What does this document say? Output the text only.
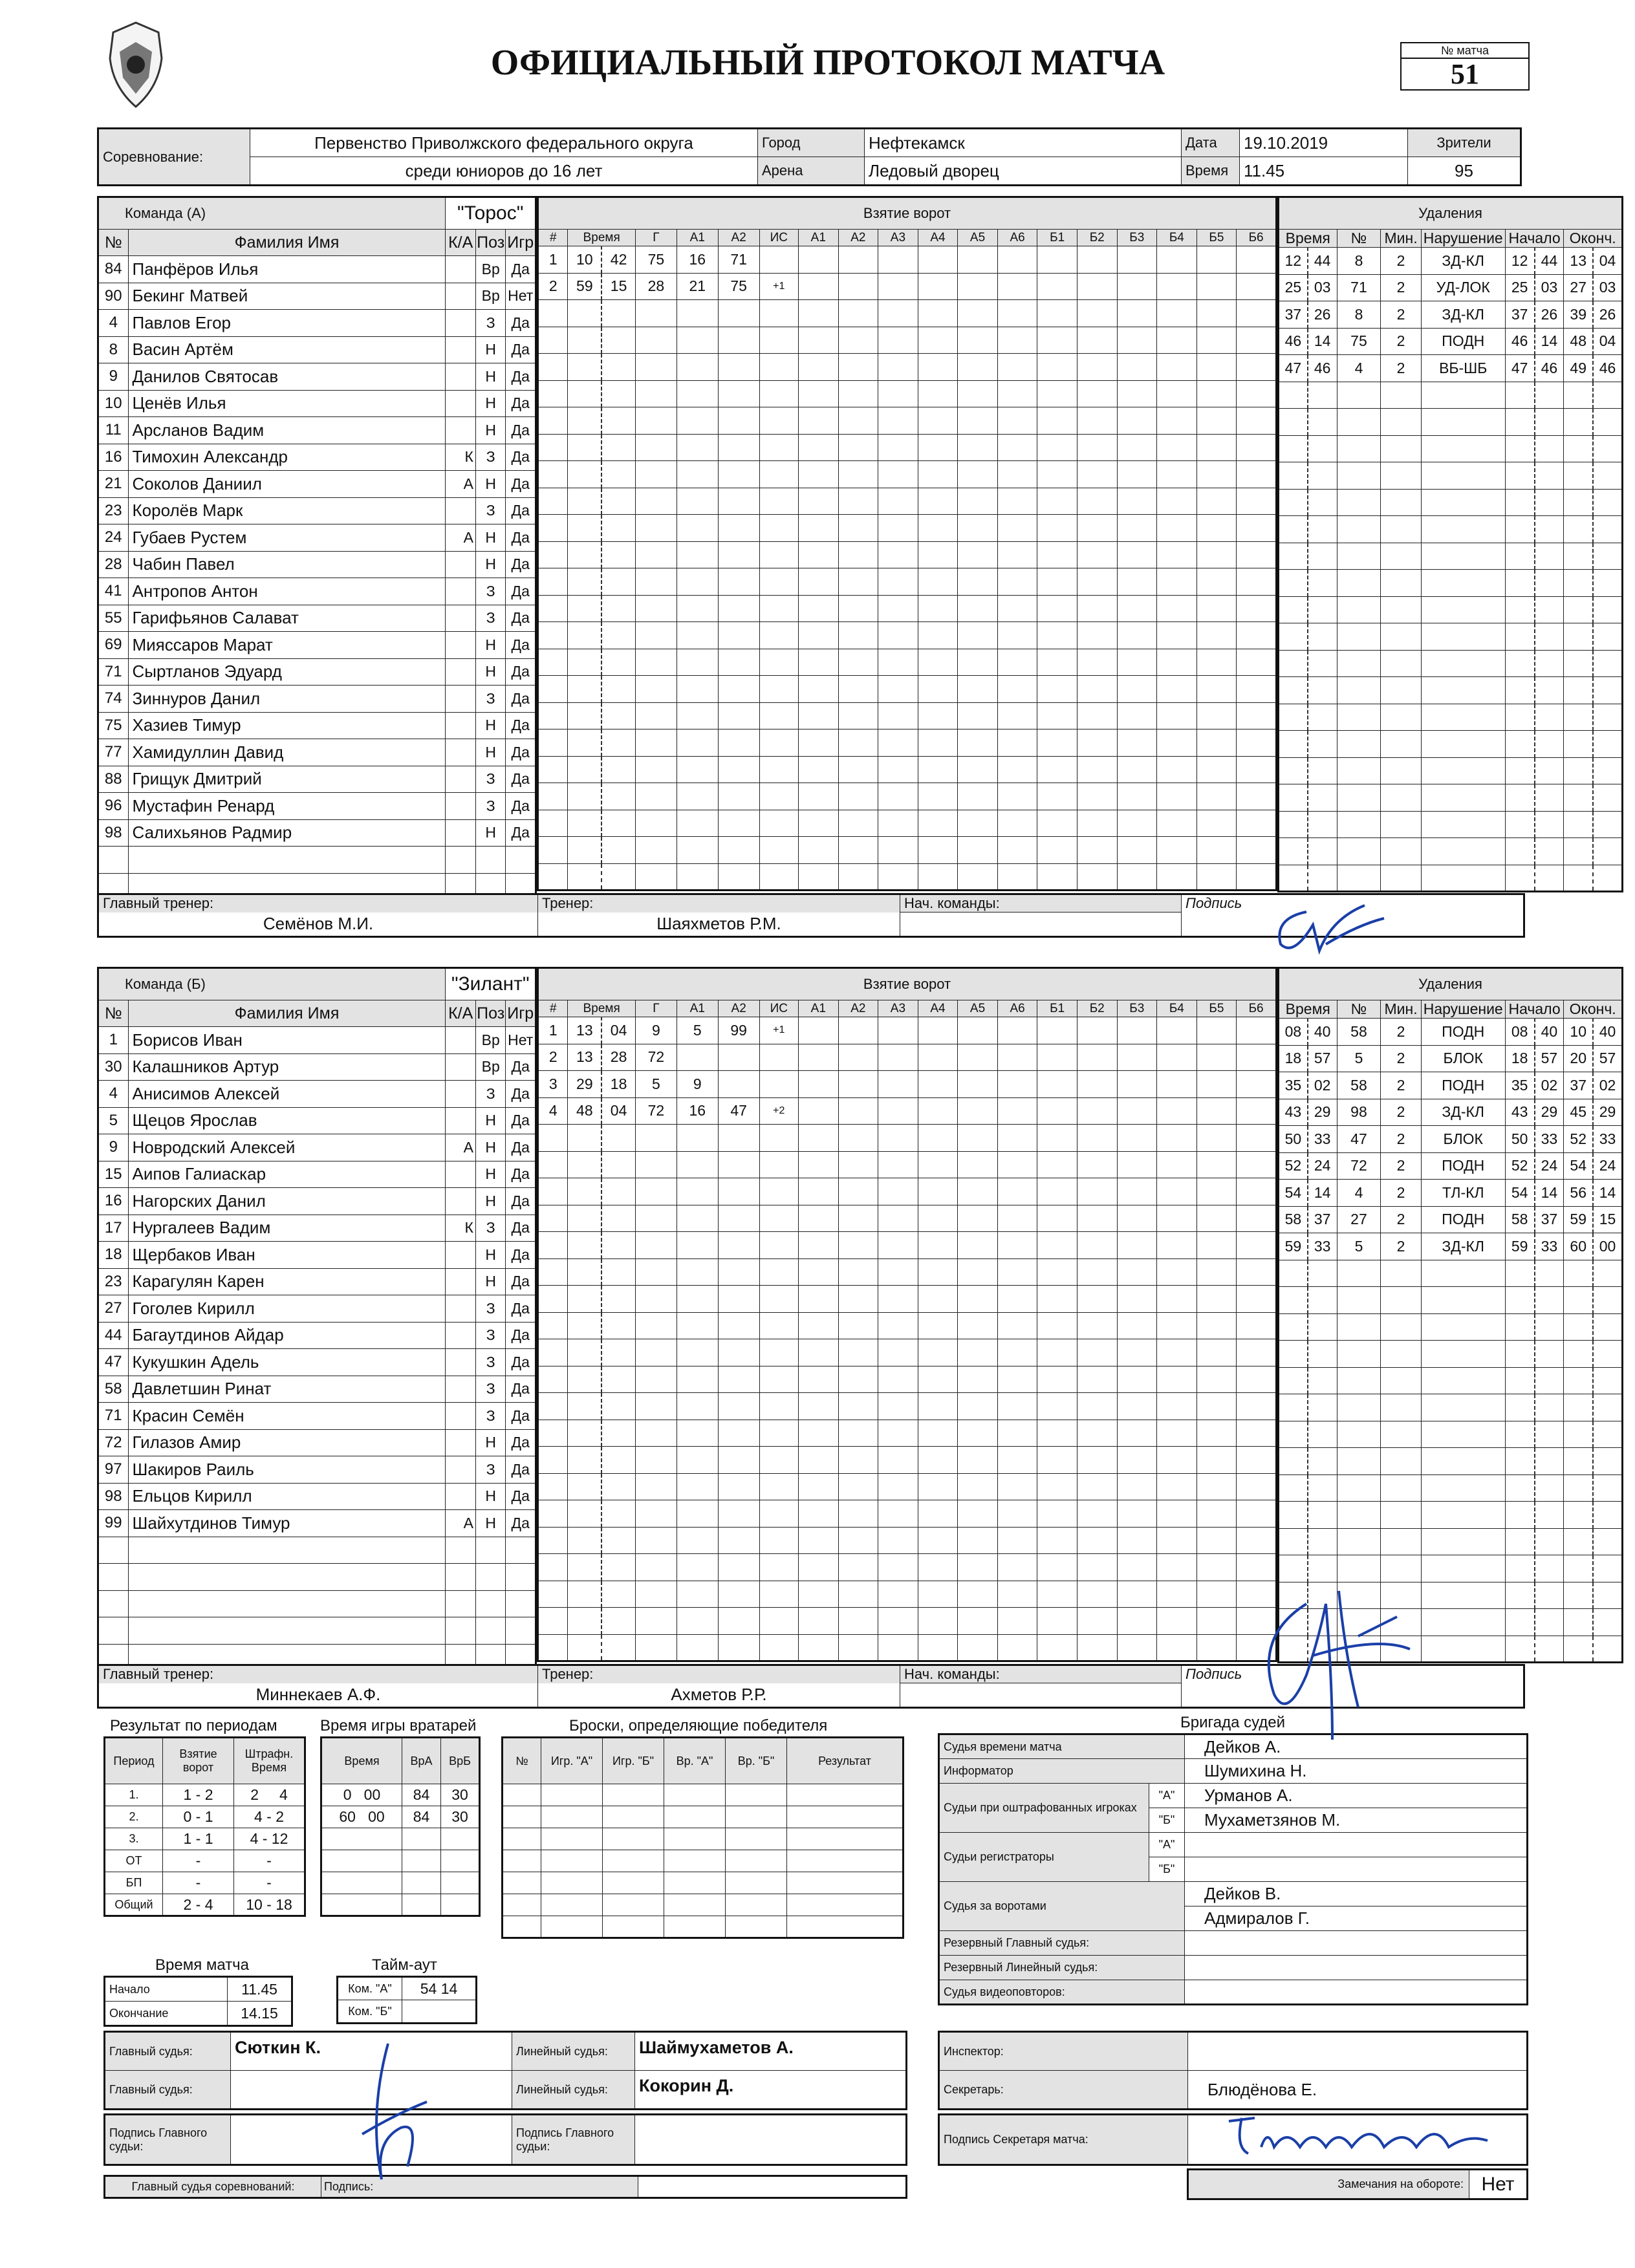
ОФИЦИАЛЬНЫЙ ПРОТОКОЛ МАТЧА	№ матча
51
Соревнование:	Первенство Приволжского федерального округа	Город	Нефтекамск	Дата	19.10.2019	Зрители
	среди юниоров до 16 лет	Арена	Ледовый дворец	Время	11.45	95
Команда (А)		"Торос"		
№	Фамилия Имя	К/А	Поз	Игр
84	Панфёров Илья		Вр	Да
90	Бекинг Матвей		Вр	Нет
4	Павлов Егор		З	Да
8	Васин Артём		Н	Да
9	Данилов Святосав		Н	Да
10	Ценёв Илья		Н	Да
11	Арсланов Вадим		Н	Да
16	Тимохин Александр	К	З	Да
21	Соколов Даниил	А	Н	Да
23	Королёв Марк		З	Да
24	Губаев Рустем	А	Н	Да
28	Чабин Павел		Н	Да
41	Антропов Антон		З	Да
55	Гарифьянов Салават		З	Да
69	Мияссаров Марат		Н	Да
71	Сыртланов Эдуард		Н	Да
74	Зиннуров Данил		З	Да
75	Хазиев Тимур		Н	Да
77	Хамидуллин Давид		Н	Да
88	Грищук Дмитрий		З	Да
96	Мустафин Ренард		З	Да
98	Салихьянов Радмир		Н	Да

Взятие ворот																		
#	Время		Г	А1	А2	ИС	А1	А2	А3	А4	А5	А6	Б1	Б2	Б3	Б4	Б5	Б6
1	10	42	75	16	71													
2	59	15	28	21	75	+1												

Удаления								
Время		№	Мин.	Нарушение	Начало		Оконч.	
12	44	8	2	ЗД-КЛ	12	44	13	04
25	03	71	2	УД-ЛОК	25	03	27	03
37	26	8	2	ЗД-КЛ	37	26	39	26
46	14	75	2	ПОДН	46	14	48	04
47	46	4	2	ВБ-ШБ	47	46	49	46

Главный тренер:	Тренер:	Нач. команды:	Подпись
Семёнов М.И.	Шаяхметов Р.М.		
Команда (Б)		"Зилант"		
№	Фамилия Имя	К/А	Поз	Игр
1	Борисов Иван		Вр	Нет
30	Калашников Артур		Вр	Да
4	Анисимов Алексей		З	Да
5	Щецов Ярослав		Н	Да
9	Новродский Алексей	А	Н	Да
15	Аипов Галиаскар		Н	Да
16	Нагорских Данил		Н	Да
17	Нургалеев Вадим	К	З	Да
18	Щербаков Иван		Н	Да
23	Карагулян Карен		Н	Да
27	Гоголев Кирилл		З	Да
44	Багаутдинов Айдар		З	Да
47	Кукушкин Адель		З	Да
58	Давлетшин Ринат		З	Да
71	Красин Семён		З	Да
72	Гилазов Амир		Н	Да
97	Шакиров Раиль		З	Да
98	Ельцов Кирилл		Н	Да
99	Шайхутдинов Тимур	А	Н	Да

Взятие ворот																		
#	Время		Г	А1	А2	ИС	А1	А2	А3	А4	А5	А6	Б1	Б2	Б3	Б4	Б5	Б6
1	13	04	9	5	99	+1												
2	13	28	72															
3	29	18	5	9														
4	48	04	72	16	47	+2												

Удаления								
Время		№	Мин.	Нарушение	Начало		Оконч.	
08	40	58	2	ПОДН	08	40	10	40
18	57	5	2	БЛОК	18	57	20	57
35	02	58	2	ПОДН	35	02	37	02
43	29	98	2	ЗД-КЛ	43	29	45	29
50	33	47	2	БЛОК	50	33	52	33
52	24	72	2	ПОДН	52	24	54	24
54	14	4	2	ТЛ-КЛ	54	14	56	14
58	37	27	2	ПОДН	58	37	59	15
59	33	5	2	ЗД-КЛ	59	33	60	00

Главный тренер:	Тренер:	Нач. команды:	Подпись
Миннекаев А.Ф.	Ахметов Р.Р.		
Результат по периодам
Период	Взятие ворот	Штрафн. Время
1.	1 - 2	2     4
2.	0 - 1	4 - 2
3.	1 - 1	4 - 12
ОТ	-	-
БП	-	-
Общий	2 - 4	10 - 18
Время игры вратарей
Время	ВрА	ВрБ
0   00	84	30
60   00	84	30

Броски, определяющие победителя
№	Игр. "А"	Игр. "Б"	Вр. "А"	Вр. "Б"	Результат

Время матча
Начало	11.45
Окончание	14.15
Тайм-аут
Ком. "А"	54 14
Ком. "Б"	
Бригада судей
Судья времени матча		Дейков А.
Информатор		Шумихина Н.
Судьи при оштрафованных игроках	"А"	Урманов А.
	"Б"	Мухаметзянов М.
Судьи регистраторы	"А"	
	"Б"	
Судья за воротами		Дейков В.
		Адмиралов Г.
Резервный Главный судья:		
Резервный Линейный судья:		
Судья видеоповторов:		
Главный судья:	Сюткин К.	Линейный судья:	Шаймухаметов А.
Главный судья:		Линейный судья:	Кокорин Д.
Подпись Главного судьи:		Подпись Главного судьи:	
Главный судья соревнований:	Подпись:	
Инспектор:	
Секретарь:	Блюдёнова Е.
Подпись Секретаря матча:	
Замечания на обороте:	Нет
